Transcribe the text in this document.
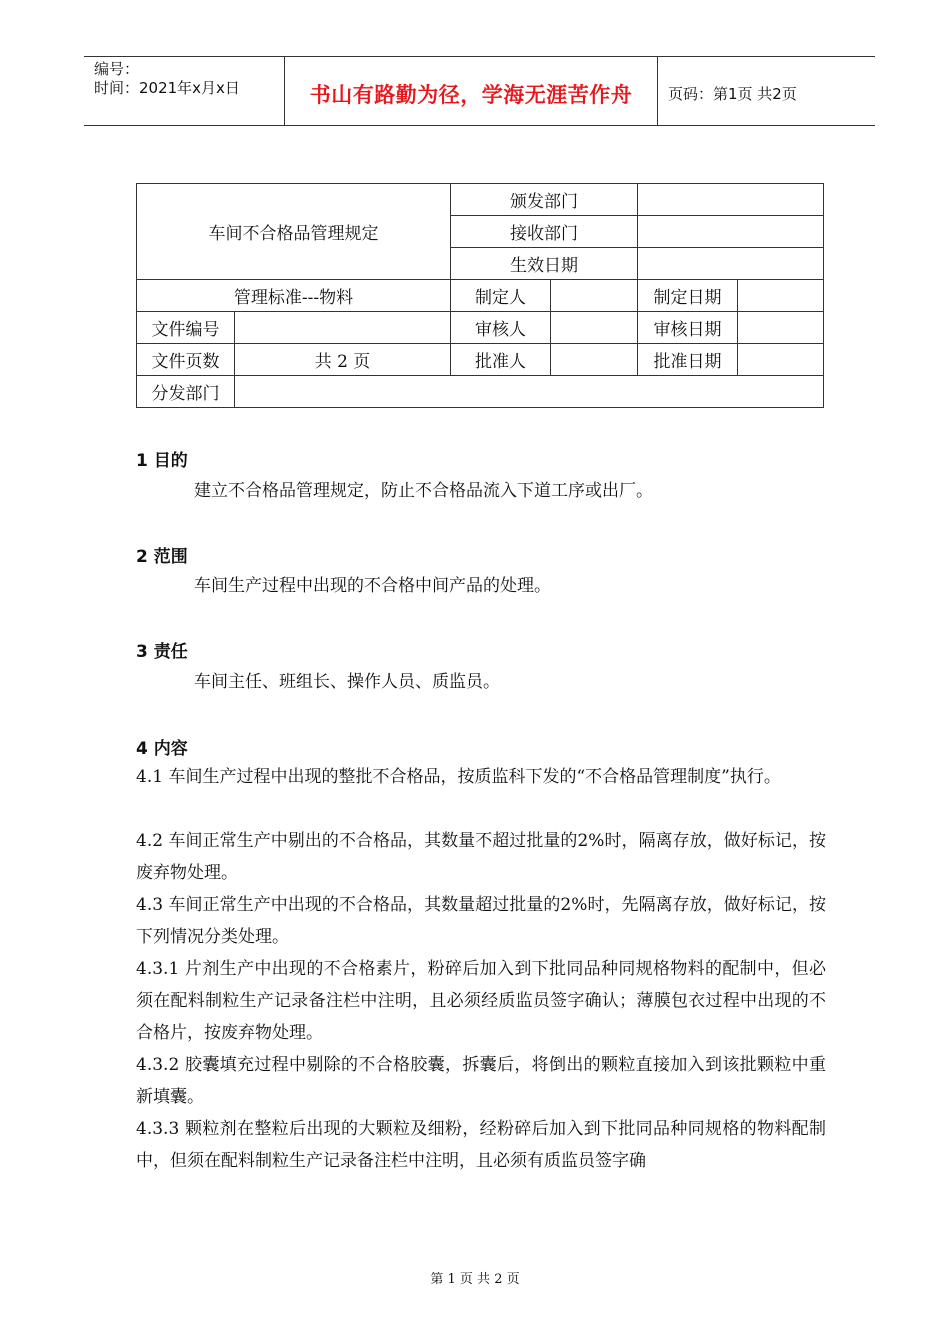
编号：
时间：2021年x月x日	书山有路勤为径，学海无涯苦作舟	页码：第1页 共2页
车间不合格品管理规定		颁发部门			
		接收部门			
		生效日期			
管理标准---物料		制定人		制定日期	
文件编号		审核人		审核日期	
文件页数	共 2 页	批准人		批准日期	
分发部门					
1 目的
建立不合格品管理规定，防止不合格品流入下道工序或出厂。
2 范围
车间生产过程中出现的不合格中间产品的处理。
3 责任
车间主任、班组长、操作人员、质监员。
4 内容
4.1 车间生产过程中出现的整批不合格品，按质监科下发的“不合格品管理制度”执行。
4.2 车间正常生产中剔出的不合格品，其数量不超过批量的2%时，隔离存放，做好标记，按废弃物处理。
4.3 车间正常生产中出现的不合格品，其数量超过批量的2%时，先隔离存放，做好标记，按下列情况分类处理。
4.3.1 片剂生产中出现的不合格素片，粉碎后加入到下批同品种同规格物料的配制中，但必须在配料制粒生产记录备注栏中注明，且必须经质监员签字确认；薄膜包衣过程中出现的不合格片，按废弃物处理。
4.3.2 胶囊填充过程中剔除的不合格胶囊，拆囊后，将倒出的颗粒直接加入到该批颗粒中重新填囊。
4.3.3 颗粒剂在整粒后出现的大颗粒及细粉，经粉碎后加入到下批同品种同规格的物料配制中，但须在配料制粒生产记录备注栏中注明，且必须有质监员签字确
第 1 页 共 2 页
